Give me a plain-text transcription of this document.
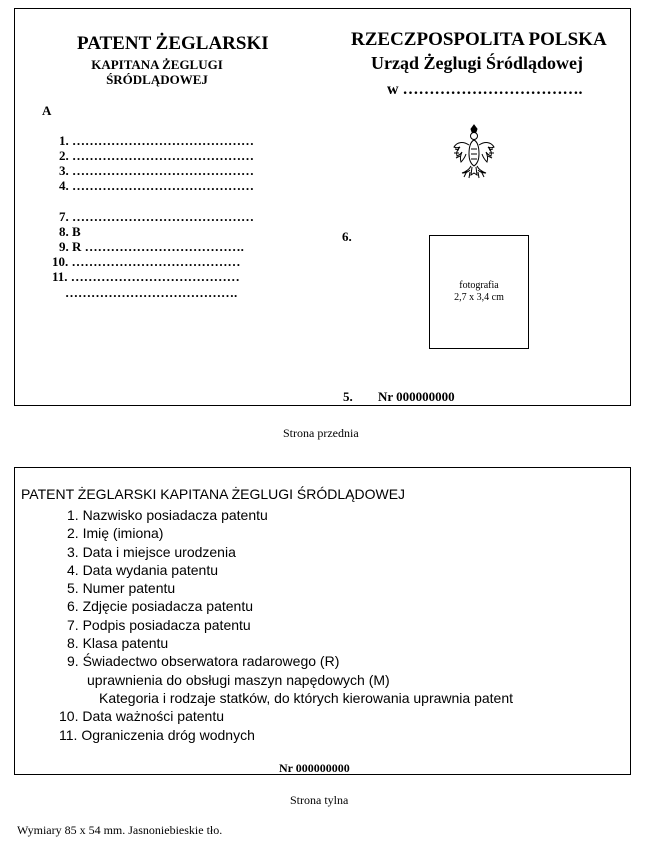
PATENT ŻEGLARSKI
KAPITANA ŻEGLUGI
ŚRÓDLĄDOWEJ
A
1. ……………………………………
2. ……………………………………
3. ……………………………………
4. ……………………………………
7. ……………………………………
8. B
9. R ……………………………….
10. …………………………………
11. …………………………………
………………………………….
RZECZPOSPOLITA POLSKA
Urząd Żeglugi Śródlądowej
w …………………………….
6.
fotografia
2,7 x 3,4 cm
5. Nr 000000000
Strona przednia
PATENT ŻEGLARSKI KAPITANA ŻEGLUGI ŚRÓDLĄDOWEJ
1. Nazwisko posiadacza patentu
2. Imię (imiona)
3. Data i miejsce urodzenia
4. Data wydania patentu
5. Numer patentu
6. Zdjęcie posiadacza patentu
7. Podpis posiadacza patentu
8. Klasa patentu
9. Świadectwo obserwatora radarowego (R)
uprawnienia do obsługi maszyn napędowych (M)
Kategoria i rodzaje statków, do których kierowania uprawnia patent
10. Data ważności patentu
11. Ograniczenia dróg wodnych
Nr 000000000
Strona tylna
Wymiary 85 x 54 mm. Jasnoniebieskie tło.
